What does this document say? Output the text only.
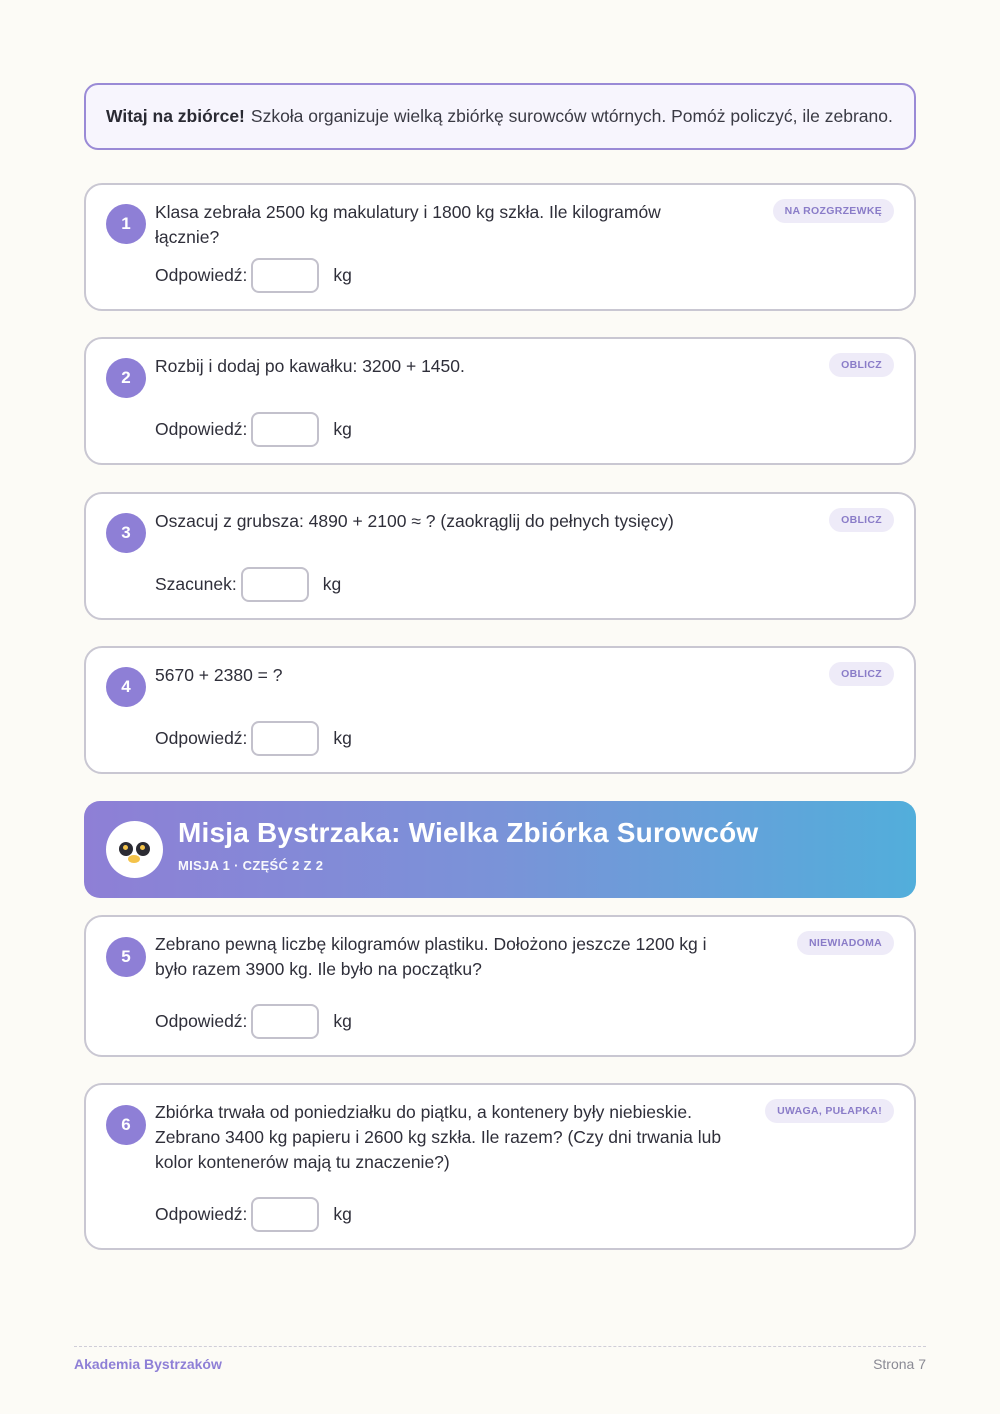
Witaj na zbiórce! Szkoła organizuje wielką zbiórkę surowców wtórnych. Pomóż policzyć, ile zebrano.
1
Klasa zebrała 2500 kg makulatury i 1800 kg szkła. Ile kilogramów łącznie?
NA ROZGRZEWKĘ
Odpowiedź:	kg
2
Rozbij i dodaj po kawałku: 3200 + 1450.	OBLICZ
Odpowiedź:	kg
3
Oszacuj z grubsza: 4890 + 2100 ≈ ? (zaokrąglij do pełnych tysięcy)	OBLICZ
Szacunek:	kg
4
5670 + 2380 = ?	OBLICZ
Odpowiedź:	kg
Misja Bystrzaka: Wielka Zbiórka Surowców
MISJA 1 · CZĘŚĆ 2 Z 2
5
Zebrano pewną liczbę kilogramów plastiku. Dołożono jeszcze 1200 kg i było razem 3900 kg. Ile było na początku?
NIEWIADOMA
Odpowiedź:	kg
6
Zbiórka trwała od poniedziałku do piątku, a kontenery były niebieskie. Zebrano 3400 kg papieru i 2600 kg szkła. Ile razem? (Czy dni trwania lub kolor kontenerów mają tu znaczenie?)
UWAGA, PUŁAPKA!
Odpowiedź:	kg
Akademia Bystrzaków	Strona 7
